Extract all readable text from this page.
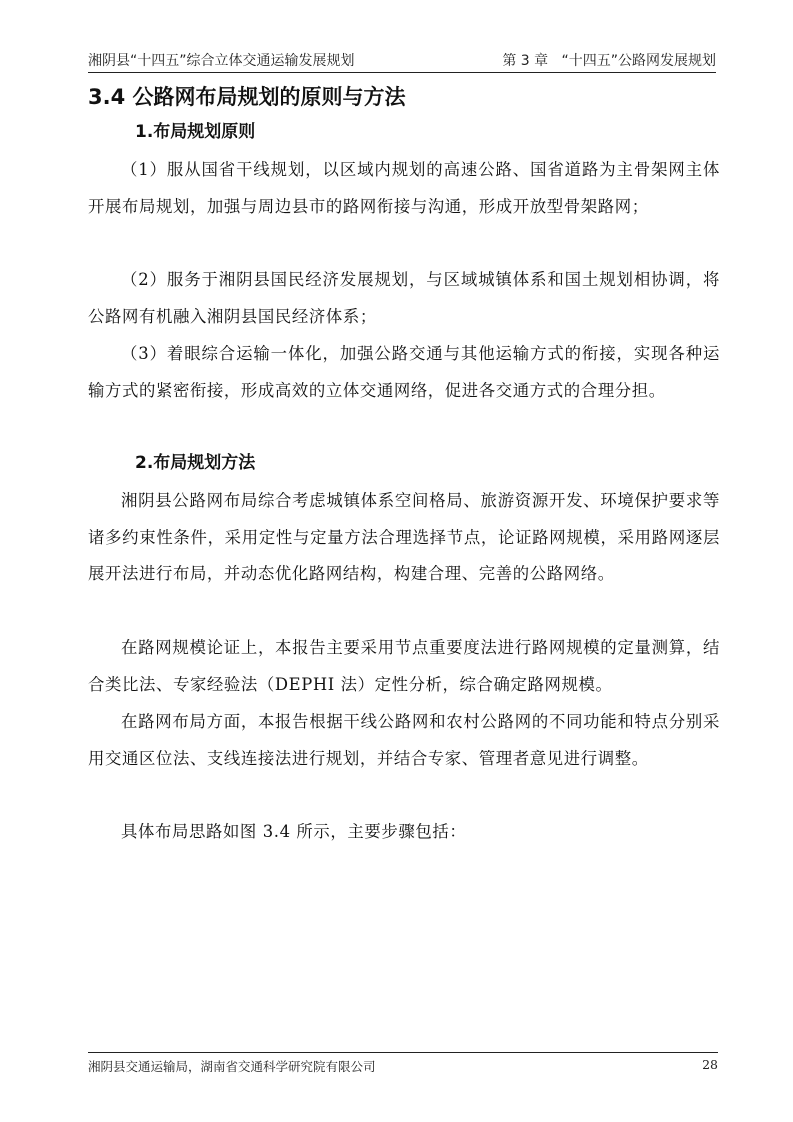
湘阴县“十四五”综合立体交通运输发展规划	第 3 章   “十四五”公路网发展规划
3.4 公路网布局规划的原则与方法
1.布局规划原则

（1）服从国省干线规划，以区域内规划的高速公路、国省道路为主骨架网主体开展布局规划，加强与周边县市的路网衔接与沟通，形成开放型骨架路网；

（2）服务于湘阴县国民经济发展规划，与区域城镇体系和国土规划相协调，将公路网有机融入湘阴县国民经济体系；

（3）着眼综合运输一体化，加强公路交通与其他运输方式的衔接，实现各种运输方式的紧密衔接，形成高效的立体交通网络，促进各交通方式的合理分担。

2.布局规划方法

湘阴县公路网布局综合考虑城镇体系空间格局、旅游资源开发、环境保护要求等诸多约束性条件，采用定性与定量方法合理选择节点，论证路网规模，采用路网逐层展开法进行布局，并动态优化路网结构，构建合理、完善的公路网络。

在路网规模论证上，本报告主要采用节点重要度法进行路网规模的定量测算，结合类比法、专家经验法（DEPHI 法）定性分析，综合确定路网规模。

在路网布局方面，本报告根据干线公路网和农村公路网的不同功能和特点分别采用交通区位法、支线连接法进行规划，并结合专家、管理者意见进行调整。

具体布局思路如图 3.4 所示，主要步骤包括：

湘阴县交通运输局，湖南省交通科学研究院有限公司	28
